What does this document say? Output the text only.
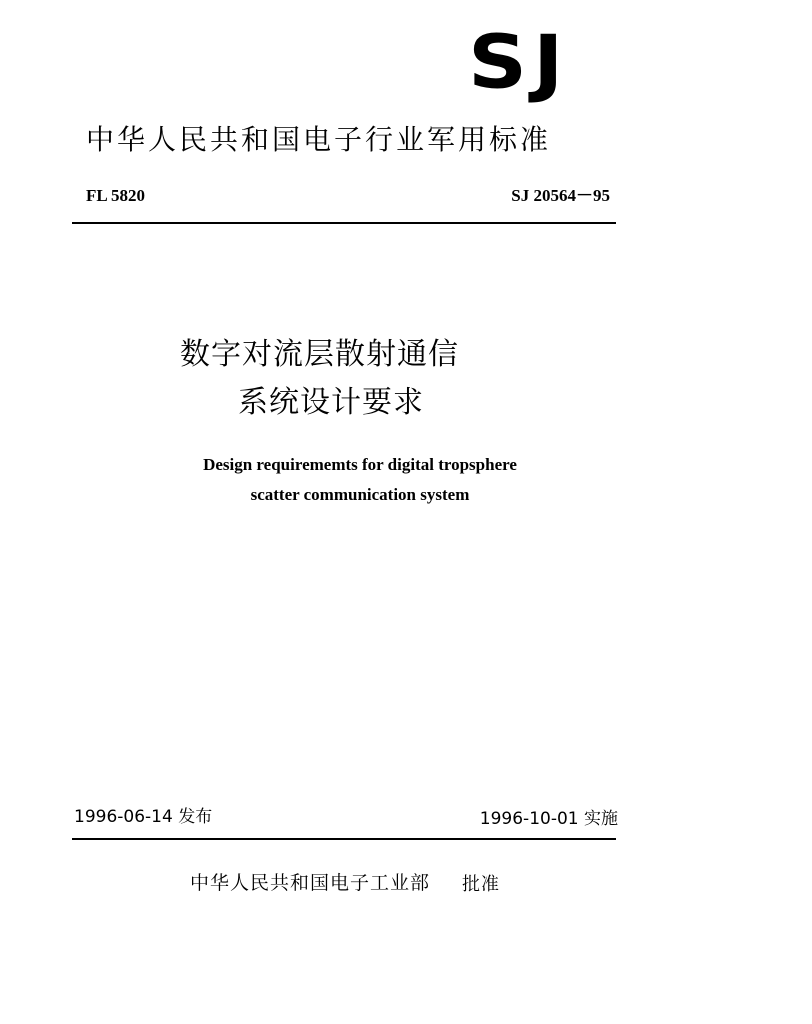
SJ
中华人民共和国电子行业军用标准
FL 5820	SJ 20564－95
数字对流层散射通信
系统设计要求
Design requirememts for digital tropsphere
scatter communication system
1996-06-14 发布	1996-10-01 实施
中华人民共和国电子工业部	批准
